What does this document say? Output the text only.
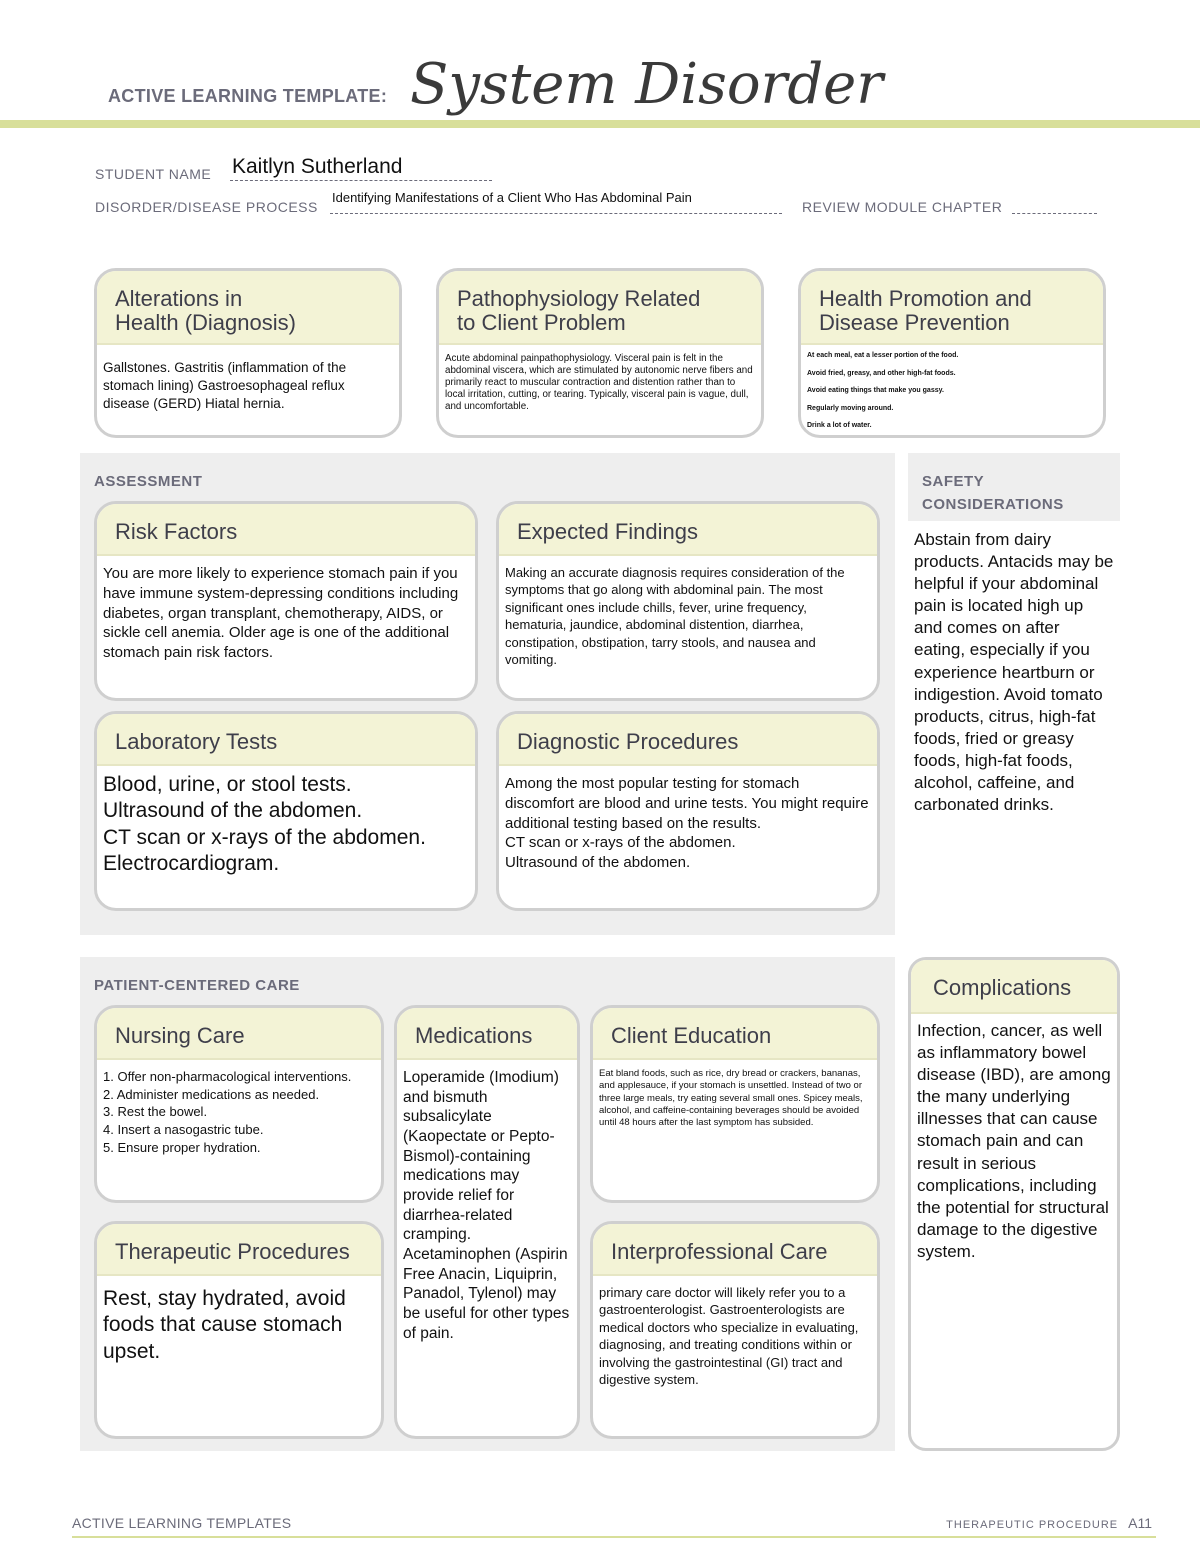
ACTIVE LEARNING TEMPLATE: System Disorder
STUDENT NAME Kaitlyn Sutherland
DISORDER/DISEASE PROCESS
Identifying Manifestations of a Client Who Has Abdominal Pain
REVIEW MODULE CHAPTER
Alterations in
Health (Diagnosis)
Gallstones. Gastritis (inflammation of the stomach lining) Gastroesophageal reflux disease (GERD) Hiatal hernia.
Pathophysiology Related
to Client Problem
Acute abdominal painpathophysiology. Visceral pain is felt in the abdominal viscera, which are stimulated by autonomic nerve fibers and primarily react to muscular contraction and distention rather than to local irritation, cutting, or tearing. Typically, visceral pain is vague, dull, and uncomfortable.
Health Promotion and
Disease Prevention
At each meal, eat a lesser portion of the food.
Avoid fried, greasy, and other high-fat foods.
Avoid eating things that make you gassy.
Regularly moving around.
Drink a lot of water.
ASSESSMENT
Risk Factors
You are more likely to experience stomach pain if you have immune system-depressing conditions including diabetes, organ transplant, chemotherapy, AIDS, or sickle cell anemia. Older age is one of the additional stomach pain risk factors.
Expected Findings
Making an accurate diagnosis requires consideration of the symptoms that go along with abdominal pain. The most significant ones include chills, fever, urine frequency, hematuria, jaundice, abdominal distention, diarrhea, constipation, obstipation, tarry stools, and nausea and vomiting.
Laboratory Tests
Blood, urine, or stool tests.
Ultrasound of the abdomen.
CT scan or x-rays of the abdomen.
Electrocardiogram.
Diagnostic Procedures
Among the most popular testing for stomach discomfort are blood and urine tests. You might require additional testing based on the results.
CT scan or x-rays of the abdomen.
Ultrasound of the abdomen.
SAFETY
CONSIDERATIONS
Abstain from dairy products. Antacids may be helpful if your abdominal pain is located high up and comes on after eating, especially if you experience heartburn or indigestion. Avoid tomato products, citrus, high-fat foods, fried or greasy foods, high-fat foods, alcohol, caffeine, and carbonated drinks.
PATIENT-CENTERED CARE
Nursing Care
1. Offer non-pharmacological interventions.
2. Administer medications as needed.
3. Rest the bowel.
4. Insert a nasogastric tube.
5. Ensure proper hydration.
Therapeutic Procedures
Rest, stay hydrated, avoid foods that cause stomach upset.
Medications
Loperamide (Imodium) and bismuth subsalicylate (Kaopectate or Pepto-Bismol)-containing medications may provide relief for diarrhea-related cramping. Acetaminophen (Aspirin Free Anacin, Liquiprin, Panadol, Tylenol) may be useful for other types of pain.
Client Education
Eat bland foods, such as rice, dry bread or crackers, bananas, and applesauce, if your stomach is unsettled. Instead of two or three large meals, try eating several small ones. Spicey meals, alcohol, and caffeine-containing beverages should be avoided until 48 hours after the last symptom has subsided.
Interprofessional Care
primary care doctor will likely refer you to a gastroenterologist. Gastroenterologists are medical doctors who specialize in evaluating, diagnosing, and treating conditions within or involving the gastrointestinal (GI) tract and digestive system.
Complications
Infection, cancer, as well as inflammatory bowel disease (IBD), are among the many underlying illnesses that can cause stomach pain and can result in serious complications, including the potential for structural damage to the digestive system.
ACTIVE LEARNING TEMPLATES	THERAPEUTIC PROCEDURE A11
